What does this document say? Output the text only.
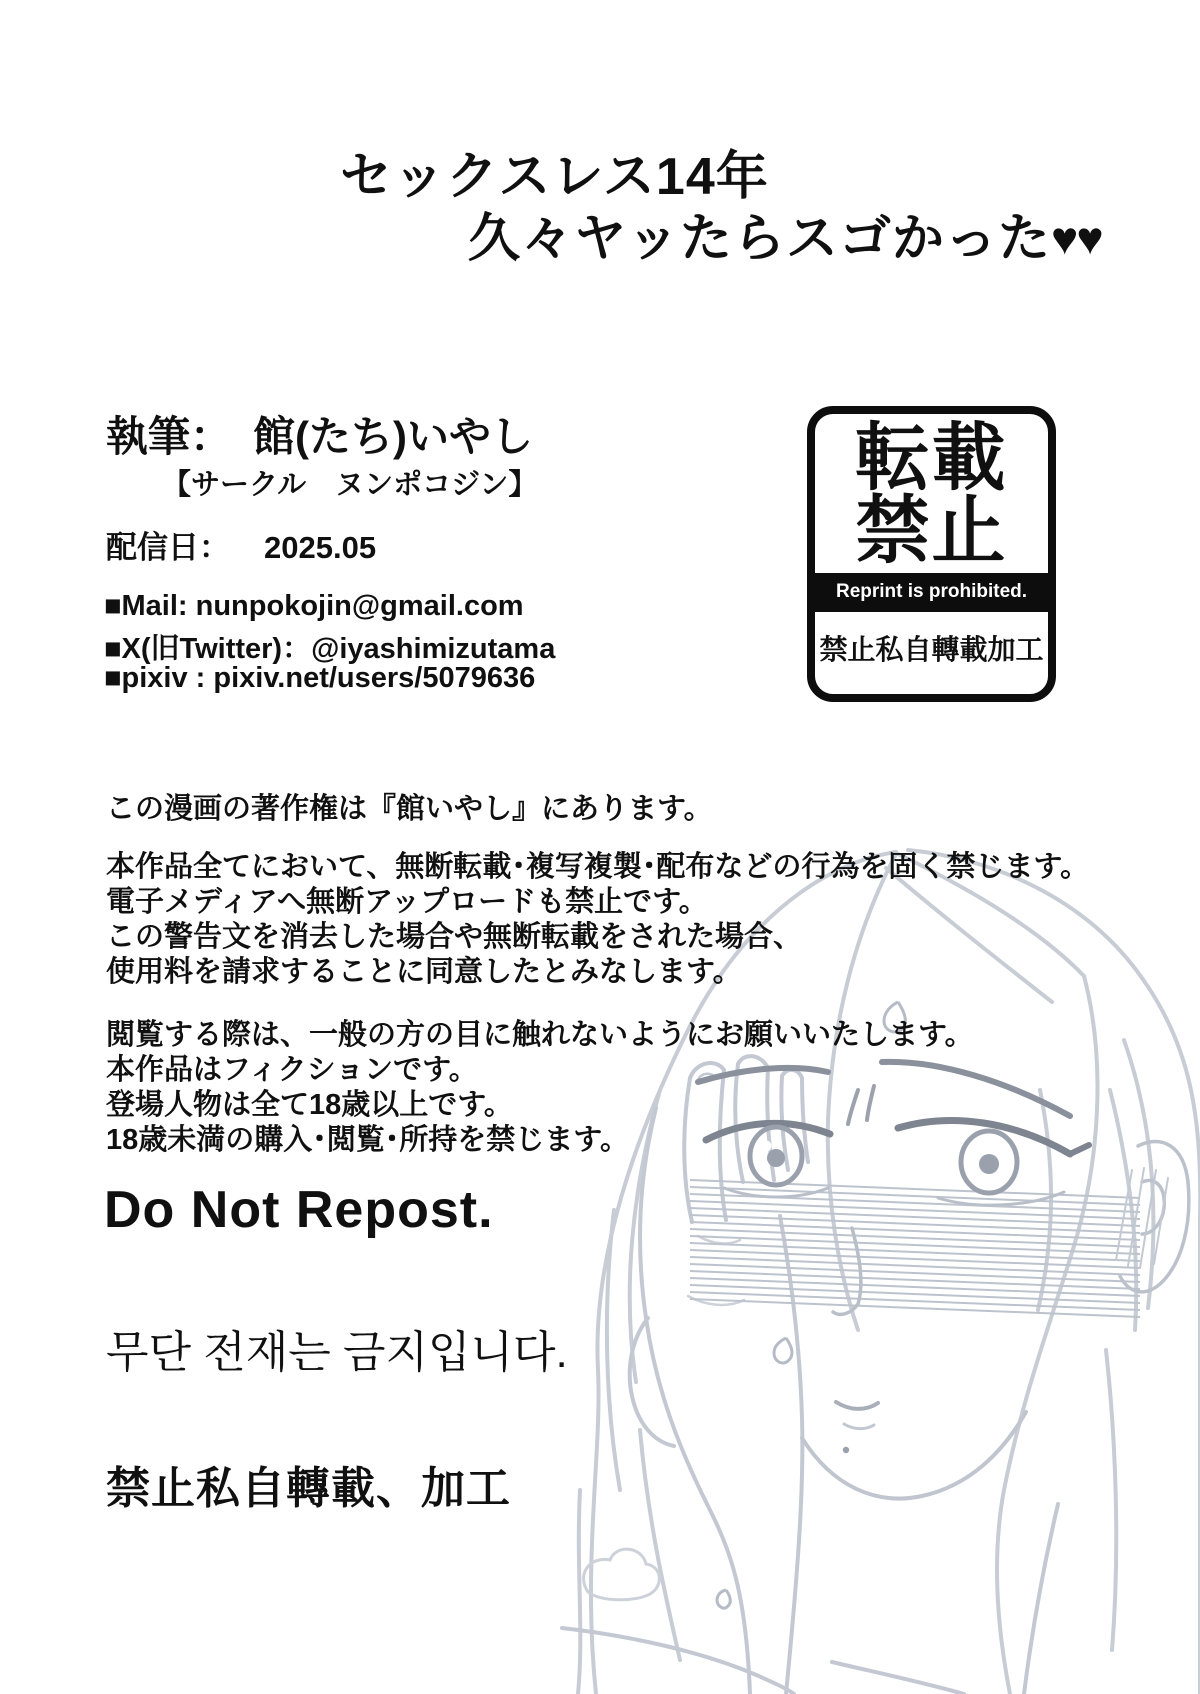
セックスレス14年
久々ヤッたらスゴかった♥♥
執筆：　館(たち)いやし
【サークル　ヌンポコジン】
配信日： 2025.05
■Mail: nunpokojin@gmail.com
■X(旧Twitter)：@iyashimizutama
■pixiv : pixiv.net/users/5079636
転載
禁止
Reprint is prohibited.
禁止私自轉載加工
この漫画の著作権は『館いやし』にあります。
本作品全てにおいて、無断転載･複写複製･配布などの行為を固く禁じます。
電子メディアへ無断アップロードも禁止です。
この警告文を消去した場合や無断転載をされた場合、
使用料を請求することに同意したとみなします。
閲覧する際は、一般の方の目に触れないようにお願いいたします。
本作品はフィクションです。
登場人物は全て18歳以上です。
18歳未満の購入･閲覧･所持を禁じます。
Do Not Repost.
무단 전재는 금지입니다.
禁止私自轉載、加工
